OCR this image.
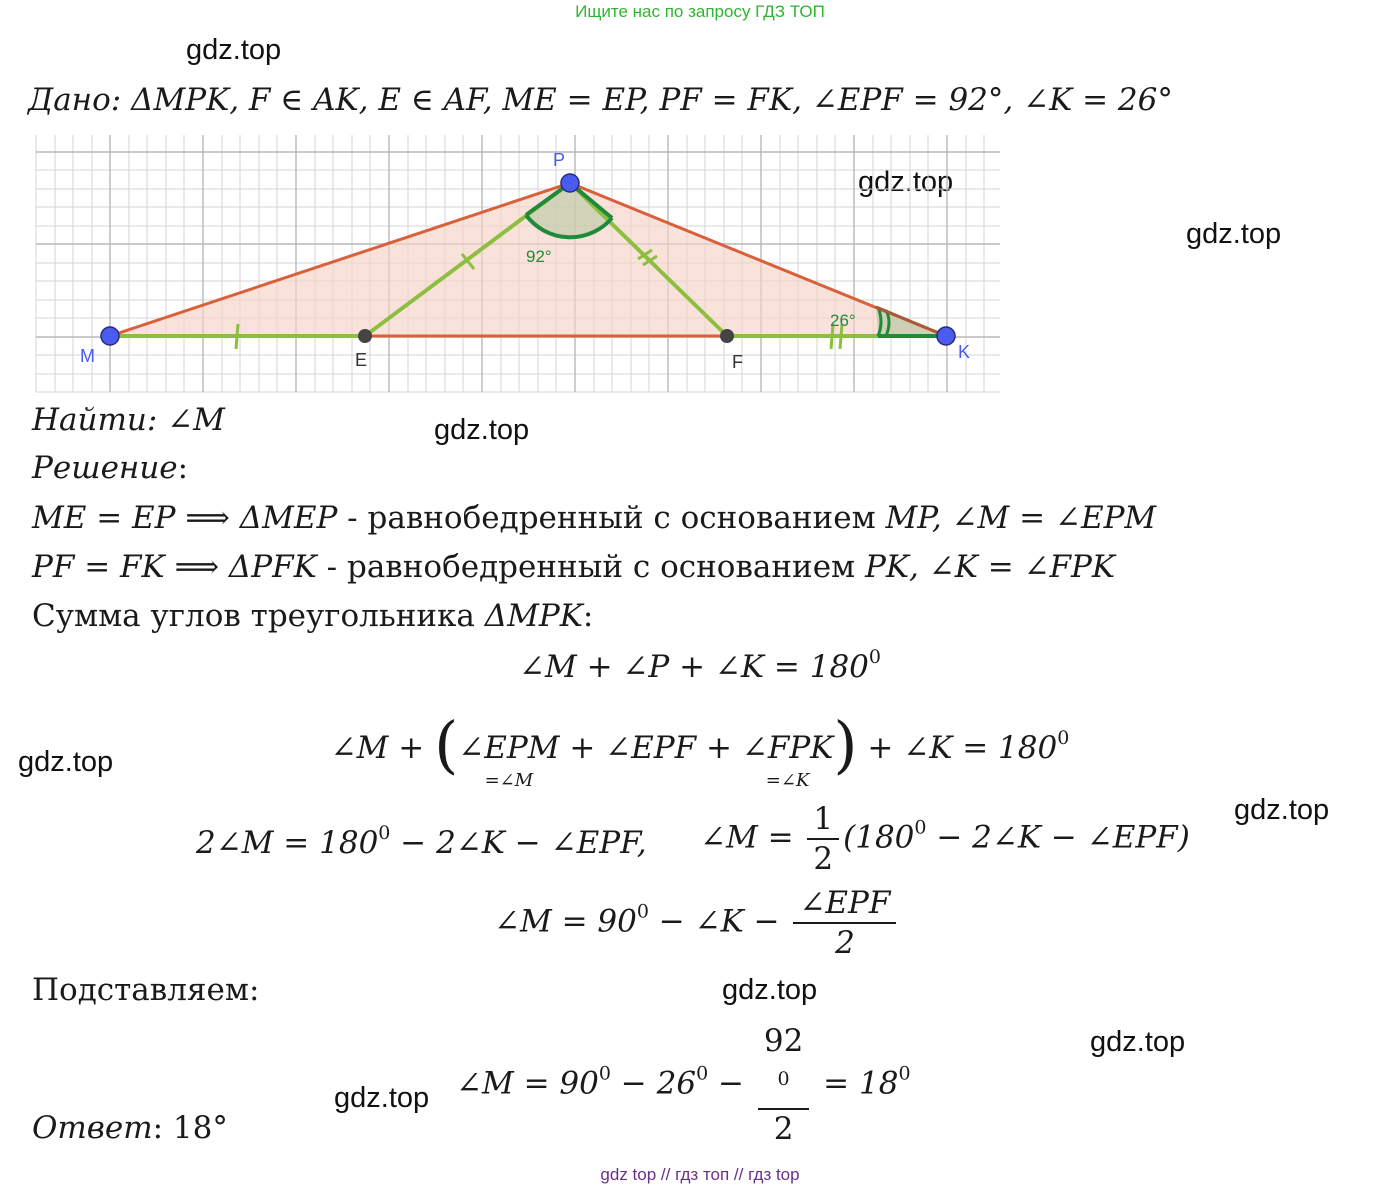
Ищите нас по запросу ГДЗ ТОП
gdz.top
gdz.top
gdz.top
gdz.top
gdz.top
gdz.top
gdz.top
gdz.top
gdz.top
Дано: ΔMPK, F ∈ AK, E ∈ AF, ME = EP, PF = FK, ∠EPF = 92°, ∠K = 26°
P
M	K
E	F
92°
26°
Найти: ∠M
Решение:
ME = EP ⟹ ΔMEP - равнобедренный с основанием MP, ∠M = ∠EPM
PF = FK ⟹ ΔPFK - равнобедренный с основанием PK, ∠K = ∠FPK
Сумма углов треугольника ΔMPK:
∠M + ∠P + ∠K = $180^0$
∠M + (∠EPM
=∠M
+ ∠EPF + ∠FPK
=∠K ) + ∠K = $180^0$
2∠M = $180^0$ − 2∠K − ∠EPF, ∠M = $\frac{1}{2} (180^0$ − 2∠K − ∠EPF)
∠M = $90^0$ − ∠K − $\frac{\text{∠EPF}}{2}$
Подставляем:
∠M = $90^0 - 26^0 - 92$
$^0$
$2 = 18^0$
Ответ: 18°
gdz top // гдз топ // гдз top
